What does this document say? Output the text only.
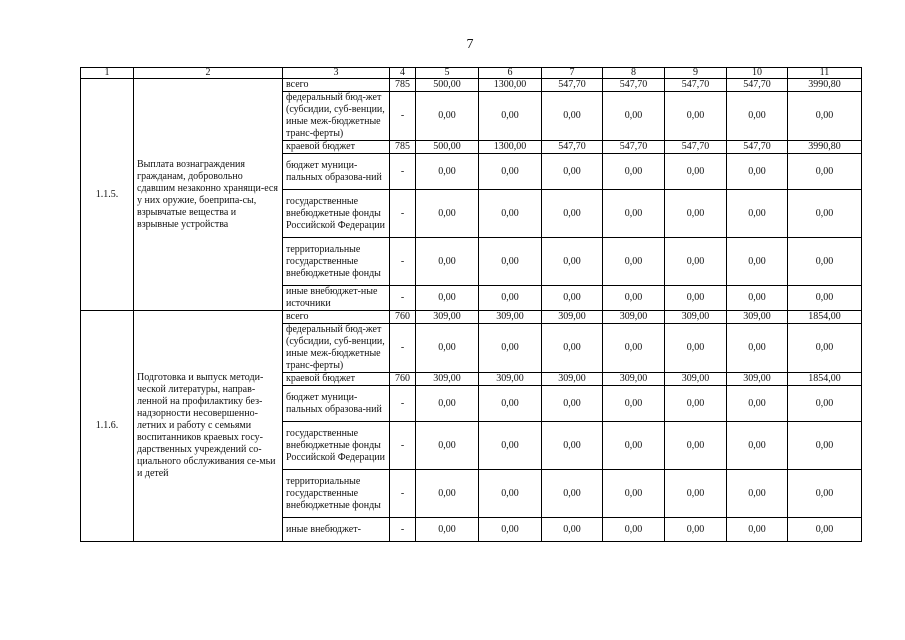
7
1	2	3	4	5	6	7	8	9	10	11
1.1.5.	Выплата вознаграждения гражданам, добровольно сдавшим незаконно хранящи-еся у них оружие, боеприпа-сы, взрывчатые вещества и взрывные устройства	всего	785	500,00	1300,00	547,70	547,70	547,70	547,70	3990,80
		федеральный бюд-жет (субсидии, суб-венции, иные меж-бюджетные транс-ферты)	-	0,00	0,00	0,00	0,00	0,00	0,00	0,00
		краевой бюджет	785	500,00	1300,00	547,70	547,70	547,70	547,70	3990,80
		бюджет муници-пальных образова-ний	-	0,00	0,00	0,00	0,00	0,00	0,00	0,00
		государственные внебюджетные фонды Российской Федерации	-	0,00	0,00	0,00	0,00	0,00	0,00	0,00
		территориальные государственные внебюджетные фонды	-	0,00	0,00	0,00	0,00	0,00	0,00	0,00
		иные внебюджет-ные источники	-	0,00	0,00	0,00	0,00	0,00	0,00	0,00
1.1.6.	Подготовка и выпуск методи-ческой литературы, направ-ленной на профилактику без-надзорности несовершенно-летних и работу с семьями воспитанников краевых госу-дарственных учреждений со-циального обслуживания се-мьи и детей	всего	760	309,00	309,00	309,00	309,00	309,00	309,00	1854,00
		федеральный бюд-жет (субсидии, суб-венции, иные меж-бюджетные транс-ферты)	-	0,00	0,00	0,00	0,00	0,00	0,00	0,00
		краевой бюджет	760	309,00	309,00	309,00	309,00	309,00	309,00	1854,00
		бюджет муници-пальных образова-ний	-	0,00	0,00	0,00	0,00	0,00	0,00	0,00
		государственные внебюджетные фонды Российской Федерации	-	0,00	0,00	0,00	0,00	0,00	0,00	0,00
		территориальные государственные внебюджетные фонды	-	0,00	0,00	0,00	0,00	0,00	0,00	0,00
		иные внебюджет-	-	0,00	0,00	0,00	0,00	0,00	0,00	0,00
